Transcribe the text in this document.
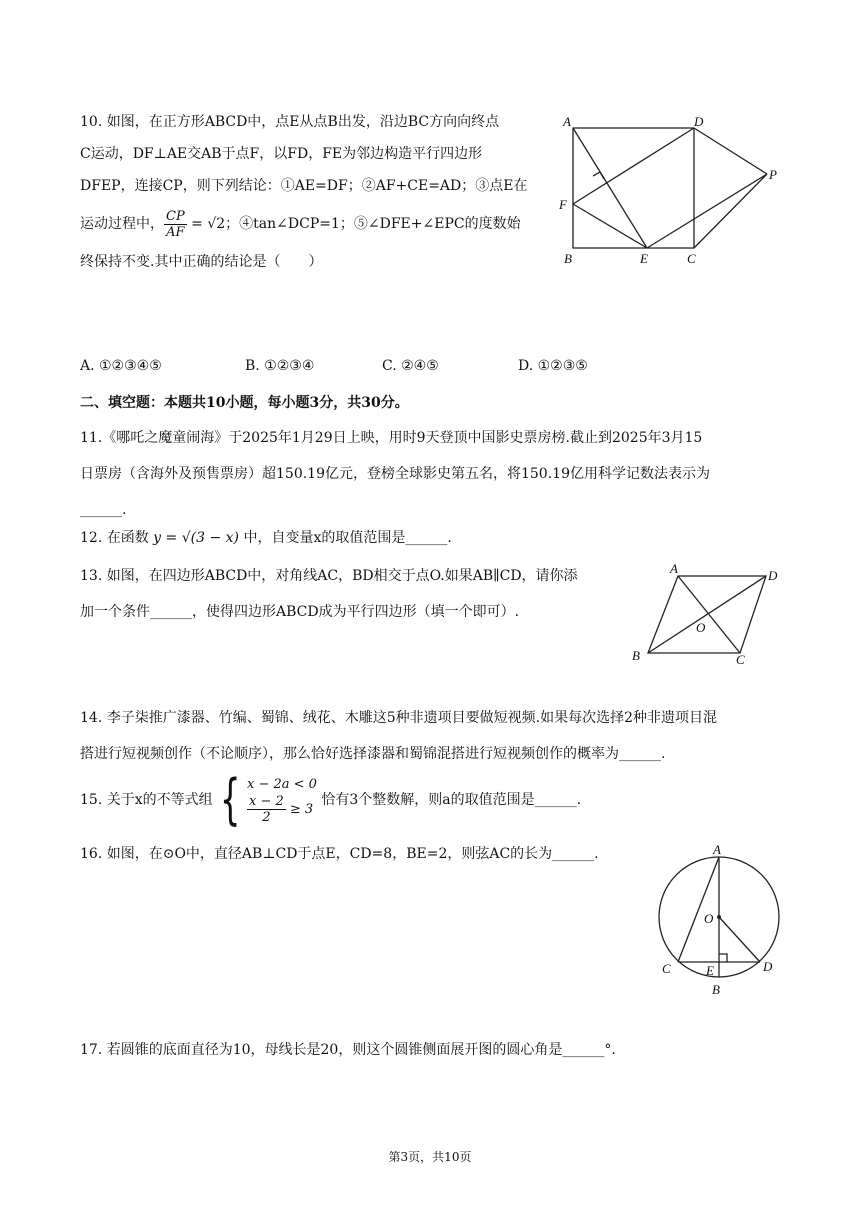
10. 如图，在正方形ABCD中，点E从点B出发，沿边BC方向向终点
C运动，DF⊥AE交AB于点F，以FD，FE为邻边构造平行四边形
DFEP，连接CP，则下列结论：①AE=DF；②AF+CE=AD；③点E在
运动过程中， $\frac{CP}{AF} = √2$；④tan∠DCP=1；⑤∠DFE+∠EPC的度数始
终保持不变.其中正确的结论是（　　）
A	D
F
P
B	E	C
A. ①②③④⑤	B. ①②③④	C. ②④⑤	D. ①②③⑤
二、填空题：本题共10小题，每小题3分，共30分。
11.《哪吒之魔童闹海》于2025年1月29日上映，用时9天登顶中国影史票房榜.截止到2025年3月15
日票房（含海外及预售票房）超150.19亿元，登榜全球影史第五名，将150.19亿用科学记数法表示为
______.
12. 在函数 y = √(3 − x) 中，自变量x的取值范围是______.
13. 如图，在四边形ABCD中，对角线AC，BD相交于点O.如果AB∥CD，请你添
加一个条件______，使得四边形ABCD成为平行四边形（填一个即可）.
A	D
O
B	C
14. 李子柒推广漆器、竹编、蜀锦、绒花、木雕这5种非遗项目要做短视频.如果每次选择2种非遗项目混
搭进行短视频创作（不论顺序），那么恰好选择漆器和蜀锦混搭进行短视频创作的概率为______.
15. 关于x的不等式组 { x − 2a < 0
$\frac{x - 2}{2} \ge 3$
恰有3个整数解，则a的取值范围是______.
16. 如图，在⊙O中，直径AB⊥CD于点E，CD=8，BE=2，则弦AC的长为______.	A
O
C	E	D
B
17. 若圆锥的底面直径为10，母线长是20，则这个圆锥侧面展开图的圆心角是______°.
第3页，共10页
